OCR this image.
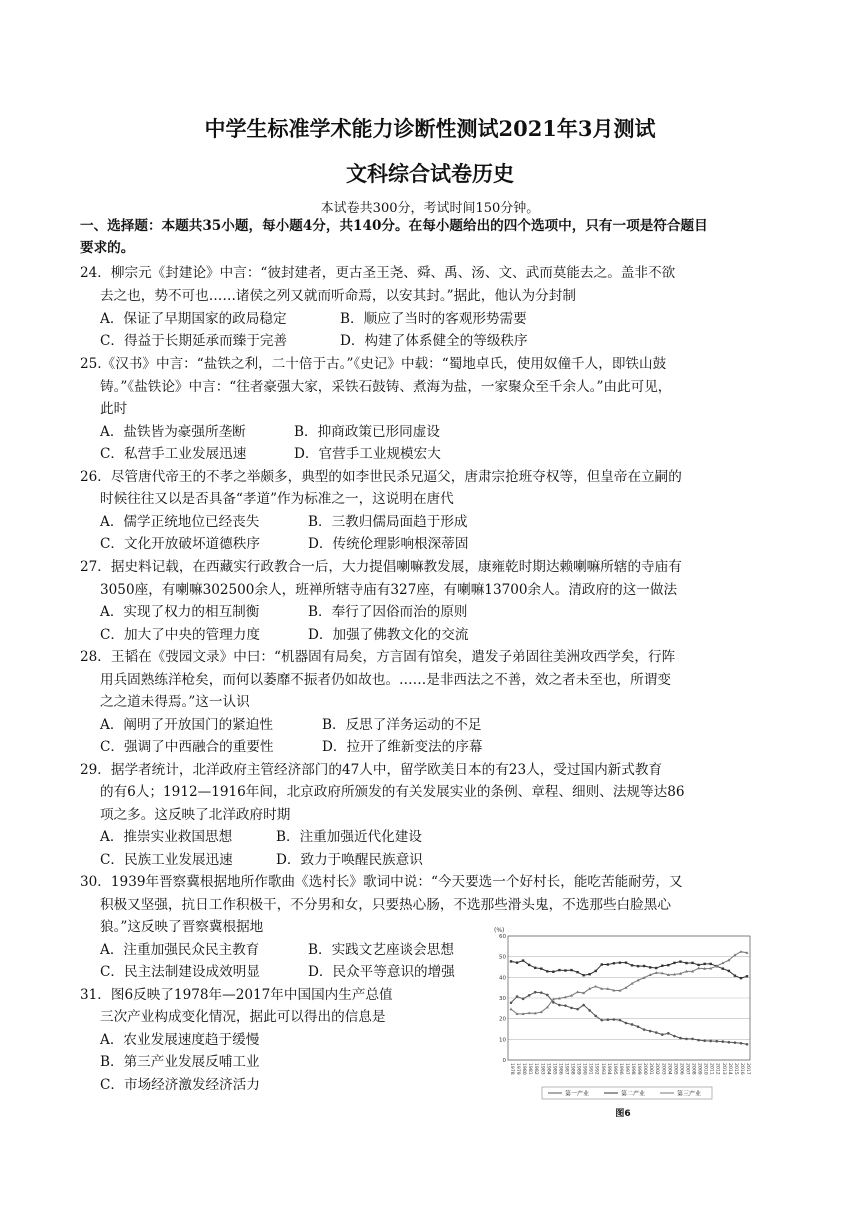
中学生标准学术能力诊断性测试2021年3月测试
文科综合试卷历史
本试卷共300分，考试时间150分钟。
一、选择题：本题共35小题，每小题4分，共140分。在每小题给出的四个选项中，只有一项是符合题目
要求的。
24．柳宗元《封建论》中言：“彼封建者，更古圣王尧、舜、禹、汤、文、武而莫能去之。盖非不欲
去之也，势不可也……诸侯之列又就而听命焉，以安其封。”据此，他认为分封制
A．保证了早期国家的政局稳定	B．顺应了当时的客观形势需要
C．得益于长期延承而臻于完善	D．构建了体系健全的等级秩序
25.《汉书》中言：“盐铁之利，二十倍于古。”《史记》中载：“蜀地卓氏，使用奴僮千人，即铁山鼓
铸。”《盐铁论》中言：“往者豪强大家，采铁石鼓铸、煮海为盐，一家聚众至千余人。”由此可见，
此时
A．盐铁皆为豪强所垄断	B．抑商政策已形同虚设
C．私营手工业发展迅速	D．官营手工业规模宏大
26．尽管唐代帝王的不孝之举颇多，典型的如李世民杀兄逼父，唐肃宗抢班夺权等，但皇帝在立嗣的
时候往往又以是否具备“孝道”作为标准之一，这说明在唐代
A．儒学正统地位已经丧失	B．三教归儒局面趋于形成
C．文化开放破坏道德秩序	D．传统伦理影响根深蒂固
27．据史料记载，在西藏实行政教合一后，大力提倡喇嘛教发展，康雍乾时期达赖喇嘛所辖的寺庙有
3050座，有喇嘛302500余人，班禅所辖寺庙有327座，有喇嘛13700余人。清政府的这一做法
A．实现了权力的相互制衡	B．奉行了因俗而治的原则
C．加大了中央的管理力度	D．加强了佛教文化的交流
28．王韬在《弢园文录》中曰：“机器固有局矣，方言固有馆矣，遣发子弟固往美洲攻西学矣，行阵
用兵固熟练洋枪矣，而何以萎靡不振者仍如故也。……是非西法之不善，效之者未至也，所谓变
之之道未得焉。”这一认识
A．阐明了开放国门的紧迫性	B．反思了洋务运动的不足
C．强调了中西融合的重要性	D．拉开了维新变法的序幕
29．据学者统计，北洋政府主管经济部门的47人中，留学欧美日本的有23人，受过国内新式教育
的有6人；1912—1916年间，北京政府所颁发的有关发展实业的条例、章程、细则、法规等达86
项之多。这反映了北洋政府时期
A．推崇实业救国思想	B．注重加强近代化建设
C．民族工业发展迅速	D．致力于唤醒民族意识
30．1939年晋察冀根据地所作歌曲《选村长》歌词中说：“今天要选一个好村长，能吃苦能耐劳，又
积极又坚强，抗日工作积极干，不分男和女，只要热心肠，不选那些滑头鬼，不选那些白脸黑心
狼。”这反映了晋察冀根据地
A．注重加强民众民主教育	B．实践文艺座谈会思想
C．民主法制建设成效明显	D．民众平等意识的增强
31．图6反映了1978年—2017年中国国内生产总值
三次产业构成变化情况，据此可以得出的信息是
A．农业发展速度趋于缓慢
B．第三产业发展反哺工业
C．市场经济激发经济活力
(%)
0
10
20
30
40
50
60
1978 1979 1980 1981 1982 1983 1984 1985 1986 1987 1988 1989 1990 1991 1992 1993 1994 1995 1996 1997 1998 1999 2000 2001 2002 2003 2004 2005 2006 2007 2008 2009 2010 2011 2012 2013 2014 2015 2016 2017
第一产业	第二产业	第三产业
图6
